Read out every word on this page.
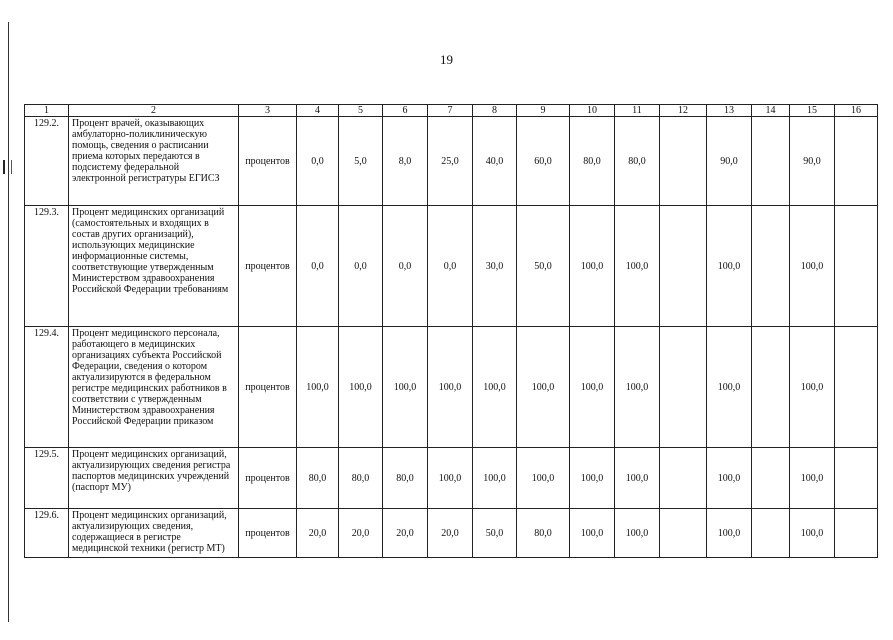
19
1	2	3	4	5	6	7	8	9	10	11	12	13	14	15	16
129.2.	Процент врачей, оказывающих амбулаторно-поликлиническую помощь, сведения о расписании приема которых передаются в подсистему федеральной электронной регистратуры ЕГИСЗ	процентов	0,0	5,0	8,0	25,0	40,0	60,0	80,0	80,0		90,0		90,0	
129.3.	Процент медицинских организаций (самостоятельных и входящих в состав других организаций), использующих медицинские информационные системы, соответствующие утвержденным Министерством здравоохранения Российской Федерации требованиям	процентов	0,0	0,0	0,0	0,0	30,0	50,0	100,0	100,0		100,0		100,0	
129.4.	Процент медицинского персонала, работающего в медицинских организациях субъекта Российской Федерации, сведения о котором актуализируются в федеральном регистре медицинских работников в соответствии с утвержденным Министерством здравоохранения Российской Федерации приказом	процентов	100,0	100,0	100,0	100,0	100,0	100,0	100,0	100,0		100,0		100,0	
129.5.	Процент медицинских организаций, актуализирующих сведения регистра паспортов медицинских учреждений (паспорт МУ)	процентов	80,0	80,0	80,0	100,0	100,0	100,0	100,0	100,0		100,0		100,0	
129.6.	Процент медицинских организаций, актуализирующих сведения, содержащиеся в регистре медицинской техники (регистр МТ)	процентов	20,0	20,0	20,0	20,0	50,0	80,0	100,0	100,0		100,0		100,0	
